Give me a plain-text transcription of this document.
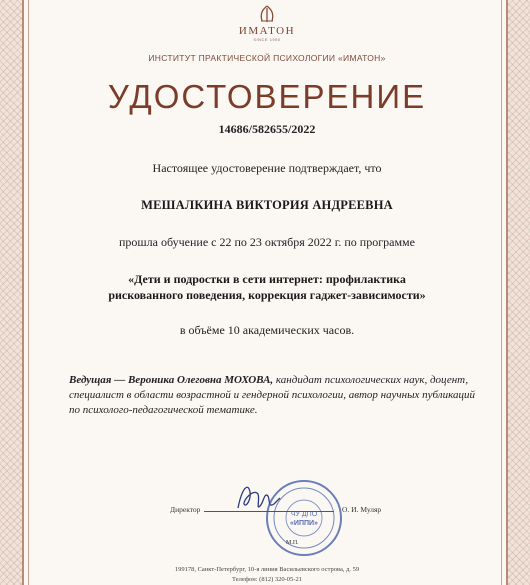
ИМАТОН
SINCE 1990
ИНСТИТУТ ПРАКТИЧЕСКОЙ ПСИХОЛОГИИ «ИМАТОН»
УДОСТОВЕРЕНИЕ
14686/582655/2022
Настоящее удостоверение подтверждает, что
МЕШАЛКИНА ВИКТОРИЯ АНДРЕЕВНА
прошла обучение с 22 по 23 октября 2022 г. по программе
«Дети и подростки в сети интернет: профилактика
рискованного поведения, коррекция гаджет-зависимости»
в объёме 10 академических часов.
Ведущая — Вероника Олеговна МОХОВА, кандидат психологических наук, доцент, специалист в области возрастной и гендерной психологии, автор научных публикаций по психолого-педагогической тематике.
Директор
ЧУ ДПО
«ИППИ»
М.П.
О. И. Муляр
199178, Санкт-Петербург, 10-я линия Васильевского острова, д. 59
Телефон: (812) 320-05-21
